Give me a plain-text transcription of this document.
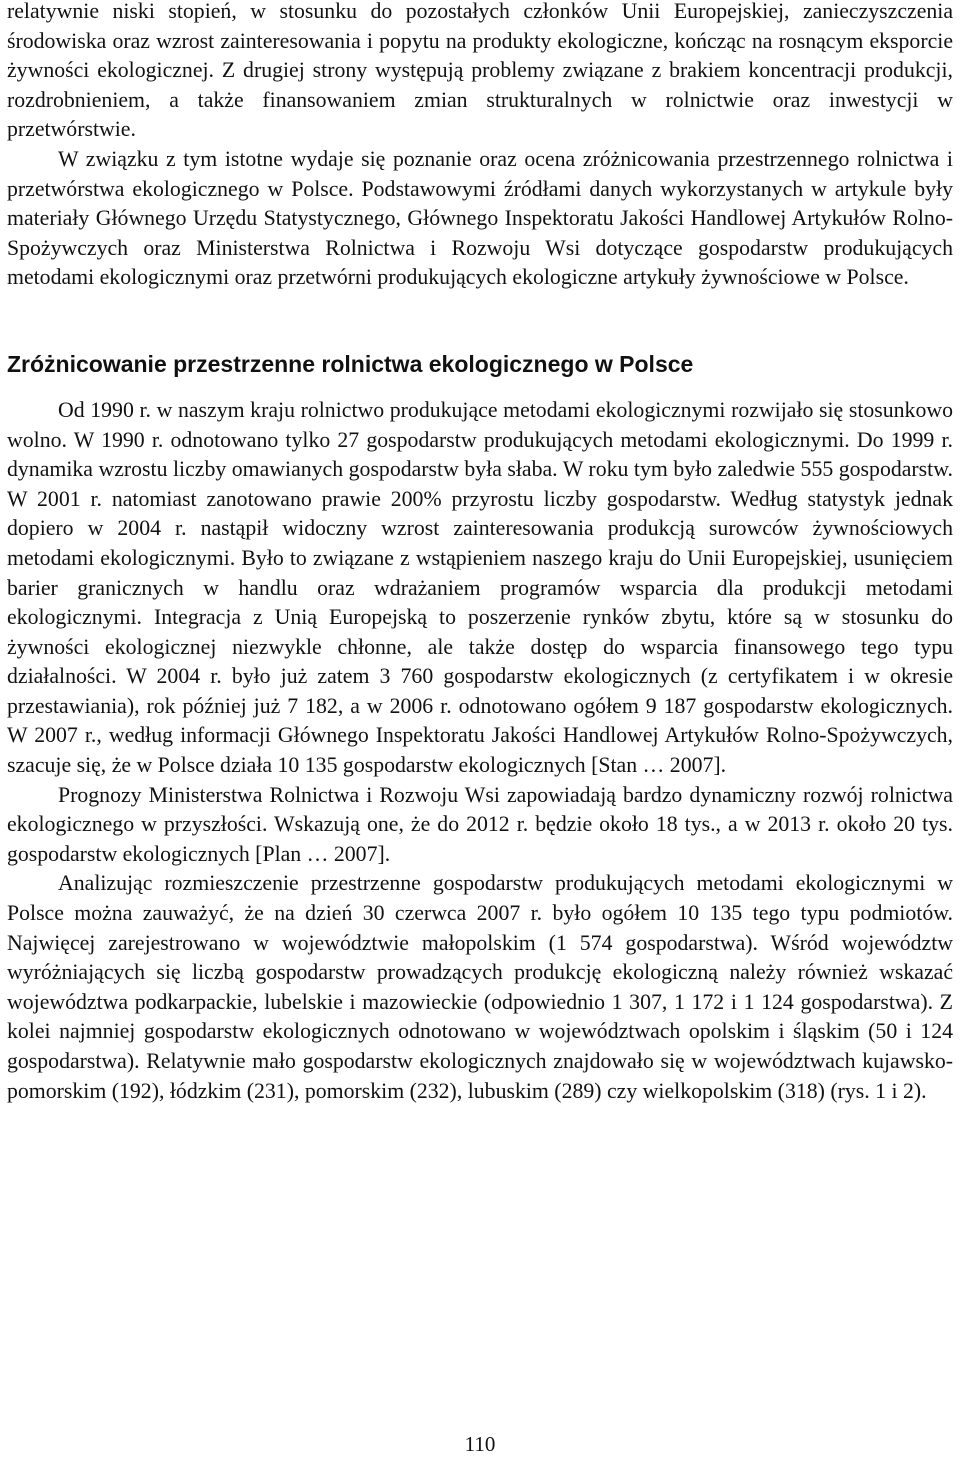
relatywnie niski stopień, w stosunku do pozostałych członków Unii Europejskiej, zanieczyszczenia środowiska oraz wzrost zainteresowania i popytu na produkty ekologiczne, kończąc na rosnącym eksporcie żywności ekologicznej. Z drugiej strony występują problemy związane z brakiem koncentracji produkcji, rozdrobnieniem, a także finansowaniem zmian strukturalnych w rolnictwie oraz inwestycji w przetwórstwie.

W związku z tym istotne wydaje się poznanie oraz ocena zróżnicowania przestrzennego rolnictwa i przetwórstwa ekologicznego w Polsce. Podstawowymi źródłami danych wykorzystanych w artykule były materiały Głównego Urzędu Statystycznego, Głównego Inspektoratu Jakości Handlowej Artykułów Rolno-Spożywczych oraz Ministerstwa Rolnictwa i Rozwoju Wsi dotyczące gospodarstw produkujących metodami ekologicznymi oraz przetwórni produkujących ekologiczne artykuły żywnościowe w Polsce.

Zróżnicowanie przestrzenne rolnictwa ekologicznego w Polsce

Od 1990 r. w naszym kraju rolnictwo produkujące metodami ekologicznymi rozwijało się stosunkowo wolno. W 1990 r. odnotowano tylko 27 gospodarstw produkujących metodami ekologicznymi. Do 1999 r. dynamika wzrostu liczby omawianych gospodarstw była słaba. W roku tym było zaledwie 555 gospodarstw. W 2001 r. natomiast zanotowano prawie 200% przyrostu liczby gospodarstw. Według statystyk jednak dopiero w 2004 r. nastąpił widoczny wzrost zainteresowania produkcją surowców żywnościowych metodami ekologicznymi. Było to związane z wstąpieniem naszego kraju do Unii Europejskiej, usunięciem barier granicznych w handlu oraz wdrażaniem programów wsparcia dla produkcji metodami ekologicznymi. Integracja z Unią Europejską to poszerzenie rynków zbytu, które są w stosunku do żywności ekologicznej niezwykle chłonne, ale także dostęp do wsparcia finansowego tego typu działalności. W 2004 r. było już zatem 3 760 gospodarstw ekologicznych (z certyfikatem i w okresie przestawiania), rok później już 7 182, a w 2006 r. odnotowano ogółem 9 187 gospodarstw ekologicznych. W 2007 r., według informacji Głównego Inspektoratu Jakości Handlowej Artykułów Rolno-Spożywczych, szacuje się, że w Polsce działa 10 135 gospodarstw ekologicznych [Stan … 2007].

Prognozy Ministerstwa Rolnictwa i Rozwoju Wsi zapowiadają bardzo dynamiczny rozwój rolnictwa ekologicznego w przyszłości. Wskazują one, że do 2012 r. będzie około 18 tys., a w 2013 r. około 20 tys. gospodarstw ekologicznych [Plan … 2007].

Analizując rozmieszczenie przestrzenne gospodarstw produkujących metodami ekologicznymi w Polsce można zauważyć, że na dzień 30 czerwca 2007 r. było ogółem 10 135 tego typu podmiotów. Najwięcej zarejestrowano w województwie małopolskim (1 574 gospodarstwa). Wśród województw wyróżniających się liczbą gospodarstw prowadzących produkcję ekologiczną należy również wskazać województwa podkarpackie, lubelskie i mazowieckie (odpowiednio 1 307, 1 172 i 1 124 gospodarstwa). Z kolei najmniej gospodarstw ekologicznych odnotowano w województwach opolskim i śląskim (50 i 124 gospodarstwa). Relatywnie mało gospodarstw ekologicznych znajdowało się w województwach kujawsko-pomorskim (192), łódzkim (231), pomorskim (232), lubuskim (289) czy wielkopolskim (318) (rys. 1 i 2).

110
